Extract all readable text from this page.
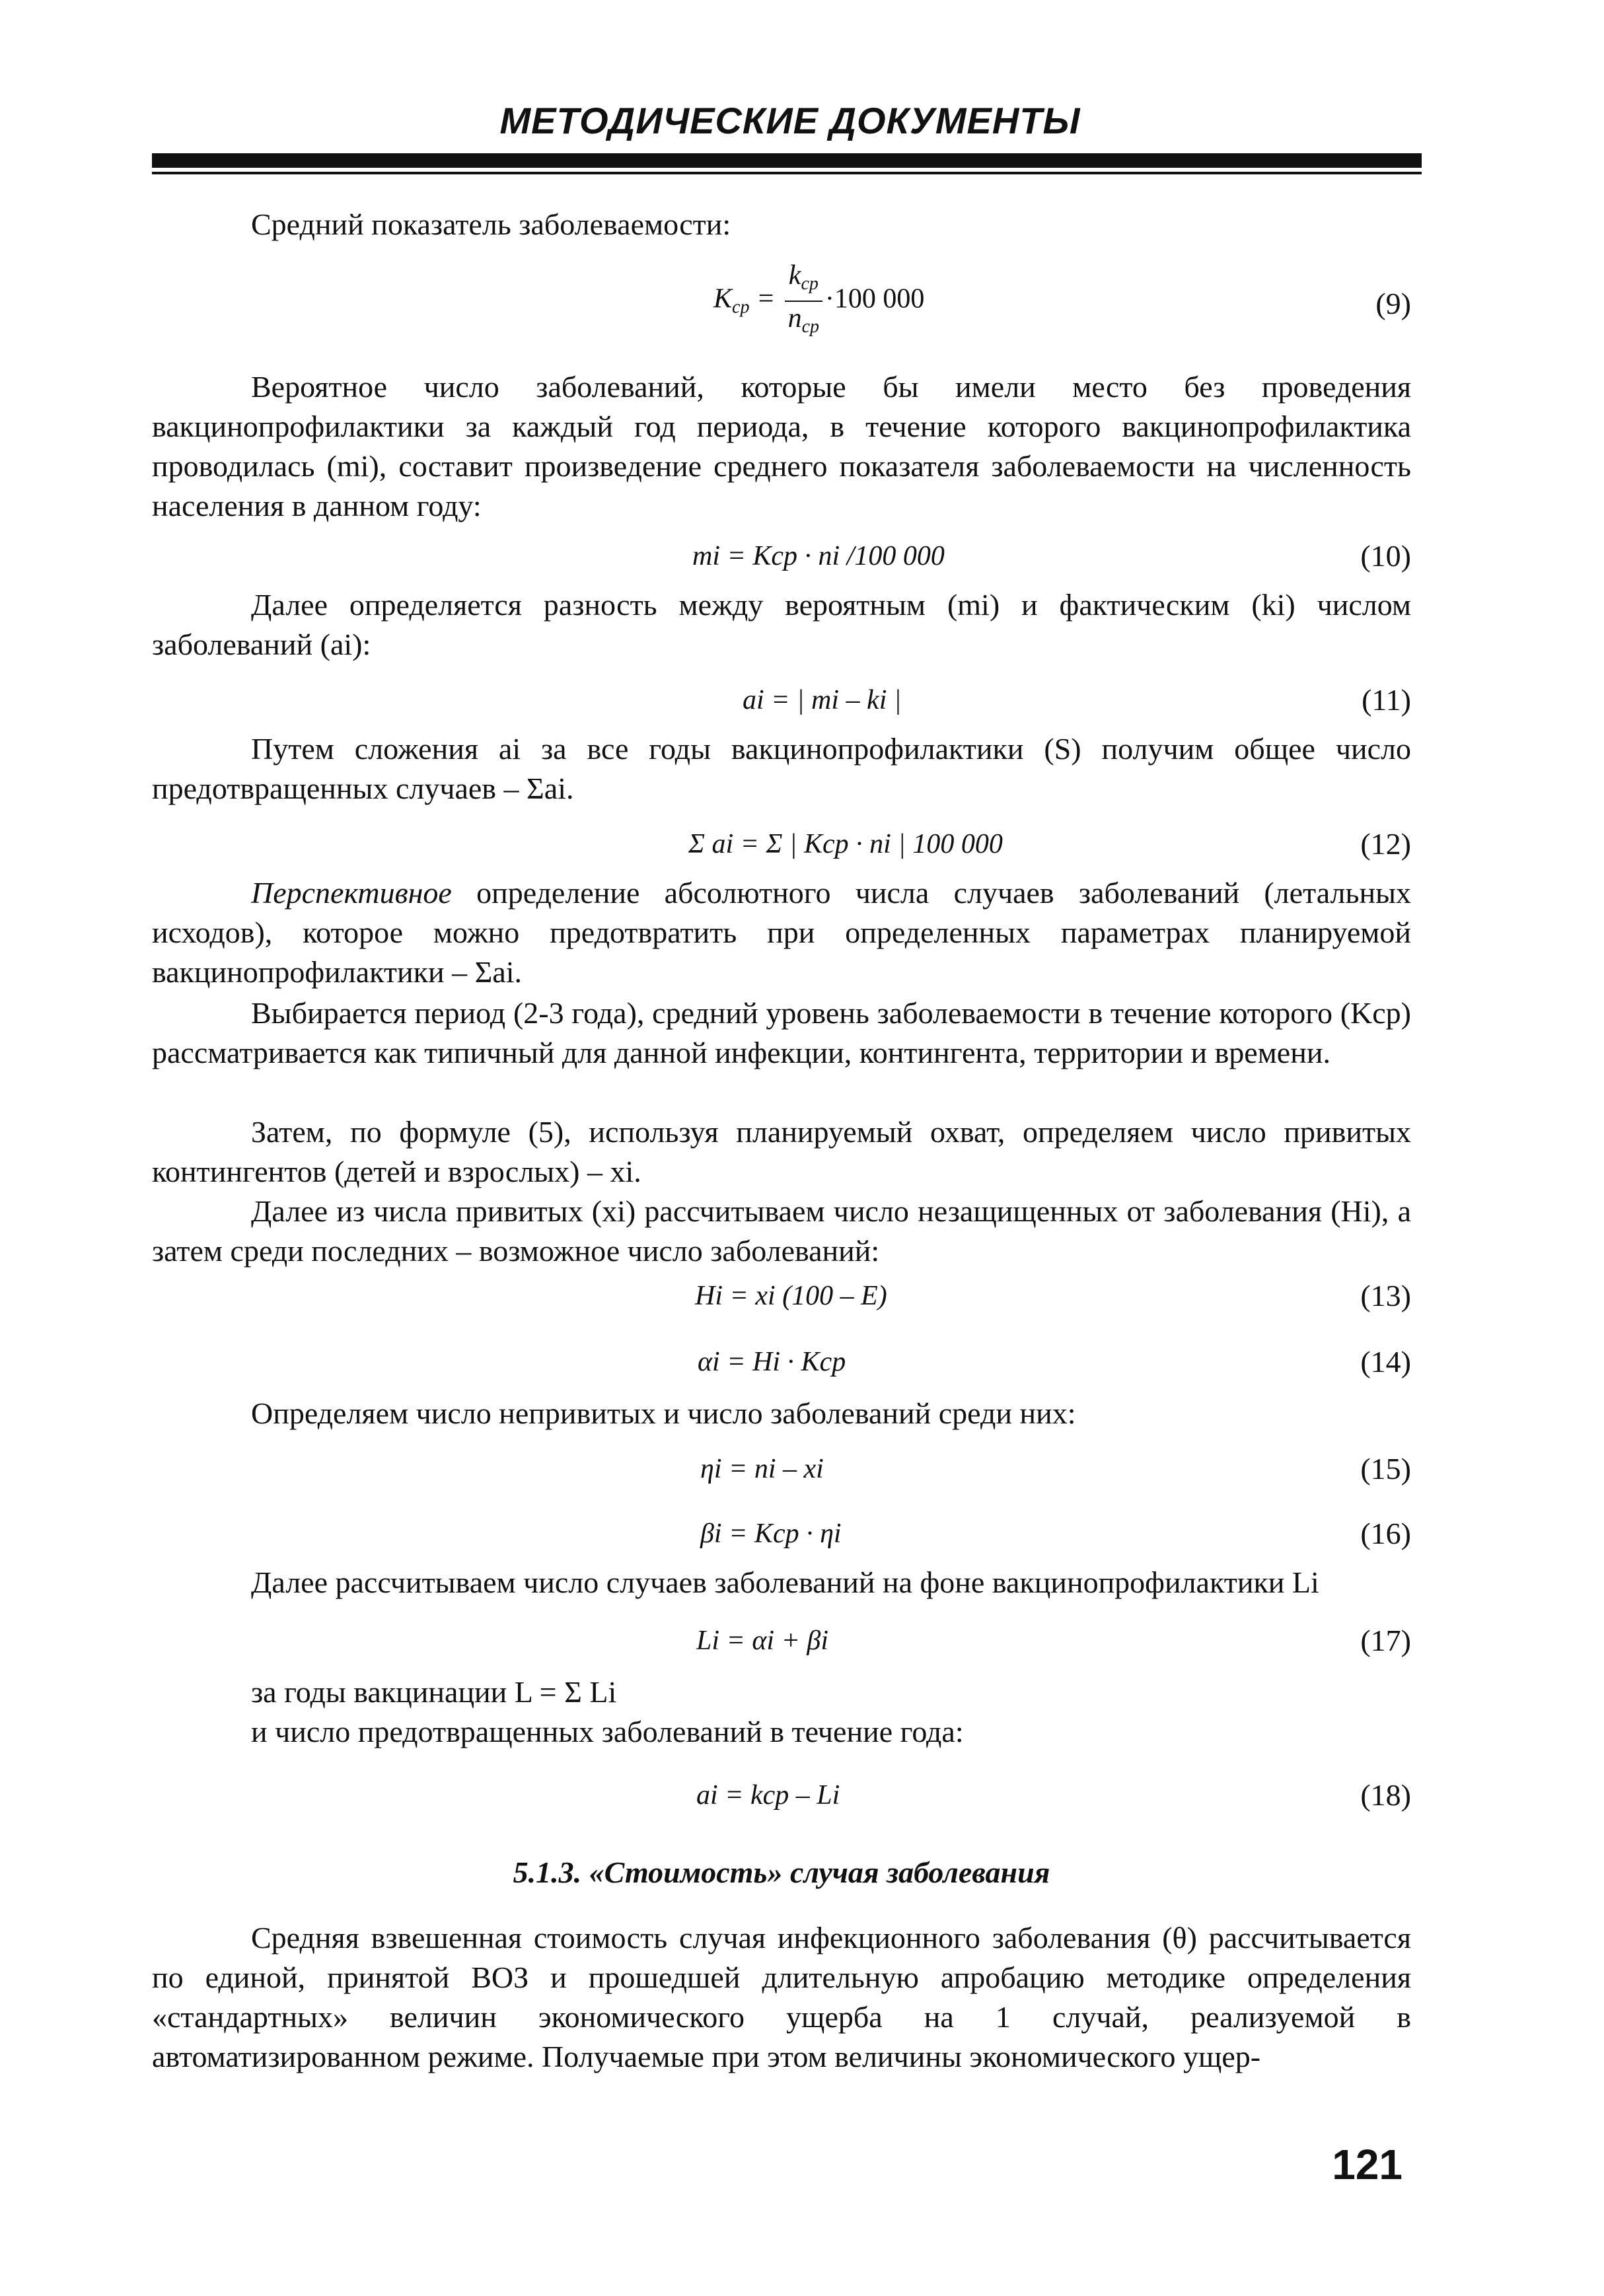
МЕТОДИЧЕСКИЕ ДОКУМЕНТЫ
Средний показатель заболеваемости:
$K_{ср} = \frac{k_{ср}}{n_{ср}} \cdot 100$ 000	(9)
Вероятное число заболеваний, которые бы имели место без проведения вакцинопрофилактики за каждый год периода, в течение которого вакцинопрофилактика проводилась (mi), составит произведение среднего показателя заболеваемости на численность населения в данном году:
mi = Kср · ni /100 000	(10)
Далее определяется разность между вероятным (mi) и фактическим (ki) числом заболеваний (ai):
ai = | mi – ki |	(11)
Путем сложения ai за все годы вакцинопрофилактики (S) получим общее число предотвращенных случаев – Σai.
Σ ai = Σ | Kср · ni | 100 000	(12)
Перспективное определение абсолютного числа случаев заболеваний (летальных исходов), которое можно предотвратить при определенных параметрах планируемой вакцинопрофилактики – Σai.
Выбирается период (2-3 года), средний уровень заболеваемости в течение которого (Kср) рассматривается как типичный для данной инфекции, контингента, территории и времени.
Затем, по формуле (5), используя планируемый охват, определяем число привитых контингентов (детей и взрослых) – xi.
Далее из числа привитых (xi) рассчитываем число незащищенных от заболевания (Hi), а затем среди последних – возможное число заболеваний:
Hi = xi (100 – E)	(13)
αi = Hi · Kср	(14)
Определяем число непривитых и число заболеваний среди них:
ηi = ni – xi	(15)
βi = Kср · ηi	(16)
Далее рассчитываем число случаев заболеваний на фоне вакцинопрофилактики Li
Li = αi + βi	(17)
за годы вакцинации L = Σ Li
и число предотвращенных заболеваний в течение года:
ai = kср – Li	(18)
5.1.3. «Стоимость» случая заболевания
Средняя взвешенная стоимость случая инфекционного заболевания (θ) рассчитывается по единой, принятой ВОЗ и прошедшей длительную апробацию методике определения «стандартных» величин экономического ущерба на 1 случай, реализуемой в автоматизированном режиме. Получаемые при этом величины экономического ущер-
121
